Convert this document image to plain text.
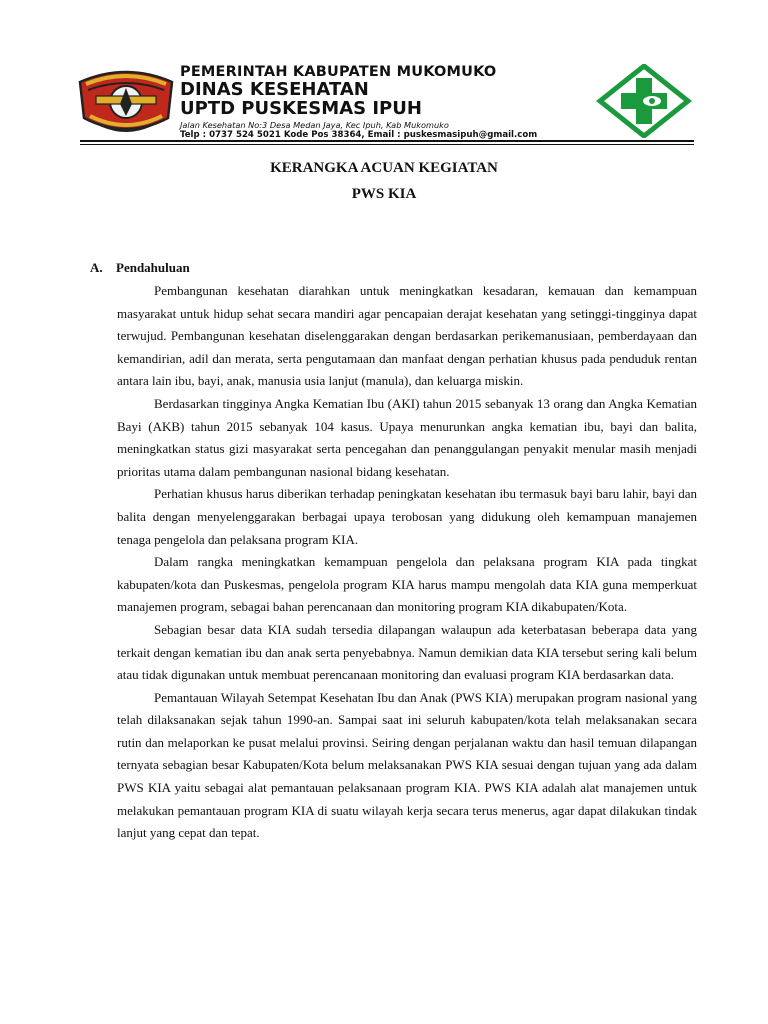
PEMERINTAH KABUPATEN MUKOMUKO

DINAS KESEHATAN

UPTD PUSKESMAS IPUH

Jalan Kesehatan No:3 Desa Medan Jaya, Kec Ipuh, Kab Mukomuko

Telp : 0737 524 5021 Kode Pos 38364, Email : puskesmasipuh@gmail.com

KERANGKA ACUAN KEGIATAN

PWS KIA

A. Pendahuluan

Pembangunan kesehatan diarahkan untuk meningkatkan kesadaran, kemauan dan kemampuan masyarakat untuk hidup sehat secara mandiri agar pencapaian derajat kesehatan yang setinggi-tingginya dapat terwujud. Pembangunan kesehatan diselenggarakan dengan berdasarkan perikemanusiaan, pemberdayaan dan kemandirian, adil dan merata, serta pengutamaan dan manfaat dengan perhatian khusus pada penduduk rentan antara lain ibu, bayi, anak, manusia usia lanjut (manula), dan keluarga miskin.

Berdasarkan tingginya Angka Kematian Ibu (AKI) tahun 2015 sebanyak 13 orang dan Angka Kematian Bayi (AKB) tahun 2015 sebanyak 104 kasus. Upaya menurunkan angka kematian ibu, bayi dan balita, meningkatkan status gizi masyarakat serta pencegahan dan penanggulangan penyakit menular masih menjadi prioritas utama dalam pembangunan nasional bidang kesehatan.

Perhatian khusus harus diberikan terhadap peningkatan kesehatan ibu termasuk bayi baru lahir, bayi dan balita dengan menyelenggarakan berbagai upaya terobosan yang didukung oleh kemampuan manajemen tenaga pengelola dan pelaksana program KIA.

Dalam rangka meningkatkan kemampuan pengelola dan pelaksana program KIA pada tingkat kabupaten/kota dan Puskesmas, pengelola program KIA harus mampu mengolah data KIA guna memperkuat manajemen program, sebagai bahan perencanaan dan monitoring program KIA dikabupaten/Kota.

Sebagian besar data KIA sudah tersedia dilapangan walaupun ada keterbatasan beberapa data yang terkait dengan kematian ibu dan anak serta penyebabnya. Namun demikian data KIA tersebut sering kali belum atau tidak digunakan untuk membuat perencanaan monitoring dan evaluasi program KIA berdasarkan data.

Pemantauan Wilayah Setempat Kesehatan Ibu dan Anak (PWS KIA) merupakan program nasional yang telah dilaksanakan sejak tahun 1990-an. Sampai saat ini seluruh kabupaten/kota telah melaksanakan secara rutin dan melaporkan ke pusat melalui provinsi. Seiring dengan perjalanan waktu dan hasil temuan dilapangan ternyata sebagian besar Kabupaten/Kota belum melaksanakan PWS KIA sesuai dengan tujuan yang ada dalam PWS KIA yaitu sebagai alat pemantauan pelaksanaan program KIA. PWS KIA adalah alat manajemen untuk melakukan pemantauan program KIA di suatu wilayah kerja secara terus menerus, agar dapat dilakukan tindak lanjut yang cepat dan tepat.
